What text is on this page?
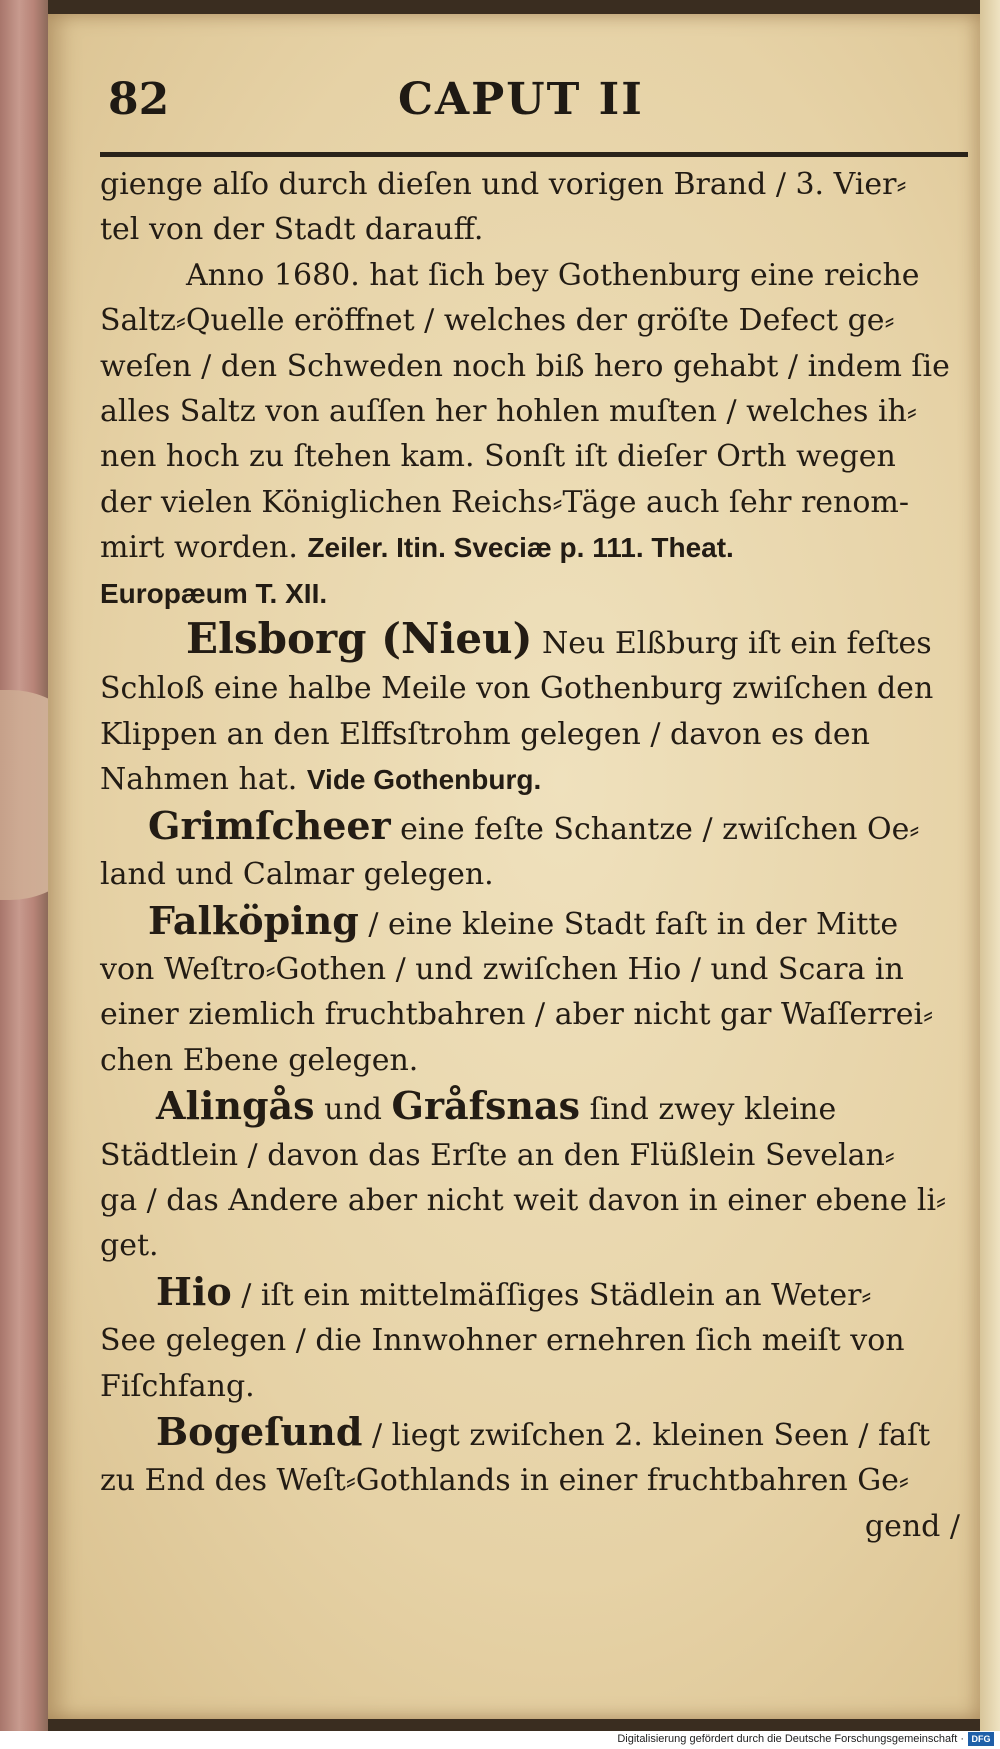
82	CAPUT II

gienge alſo durch dieſen und vorigen Brand / 3. Vier⸗

tel von der Stadt darauff.

Anno 1680. hat ſich bey Gothenburg eine reiche

Saltz⸗Quelle eröffnet / welches der gröſte Defect ge⸗

weſen / den Schweden noch biß hero gehabt / indem ſie

alles Saltz von auſſen her hohlen muſten / welches ih⸗

nen hoch zu ſtehen kam. Sonſt iſt dieſer Orth wegen

der vielen Königlichen Reichs⸗Täge auch ſehr renom-

mirt worden. Zeiler. Itin. Sveciæ p. 111. Theat.

Europæum T. XII.

Elsborg (Nieu) Neu Elßburg iſt ein feſtes

Schloß eine halbe Meile von Gothenburg zwiſchen den

Klippen an den Elffsſtrohm gelegen / davon es den

Nahmen hat. Vide Gothenburg.

Grimſcheer eine feſte Schantze / zwiſchen Oe⸗

land und Calmar gelegen.

Falköping / eine kleine Stadt faſt in der Mitte

von Weſtro⸗Gothen / und zwiſchen Hio / und Scara in

einer ziemlich fruchtbahren / aber nicht gar Waſſerrei⸗

chen Ebene gelegen.

Alingås und Gråfsnas ſind zwey kleine

Städtlein / davon das Erſte an den Flüßlein Sevelan⸗

ga / das Andere aber nicht weit davon in einer ebene li⸗

get.

Hio / iſt ein mittelmäſſiges Städlein an Weter⸗

See gelegen / die Innwohner ernehren ſich meiſt von

Fiſchfang.

Bogeſund / liegt zwiſchen 2. kleinen Seen / faſt

zu End des Weſt⸗Gothlands in einer fruchtbahren Ge⸗

gend /

Digitalisierung gefördert durch die Deutsche Forschungsgemeinschaft · DFG
